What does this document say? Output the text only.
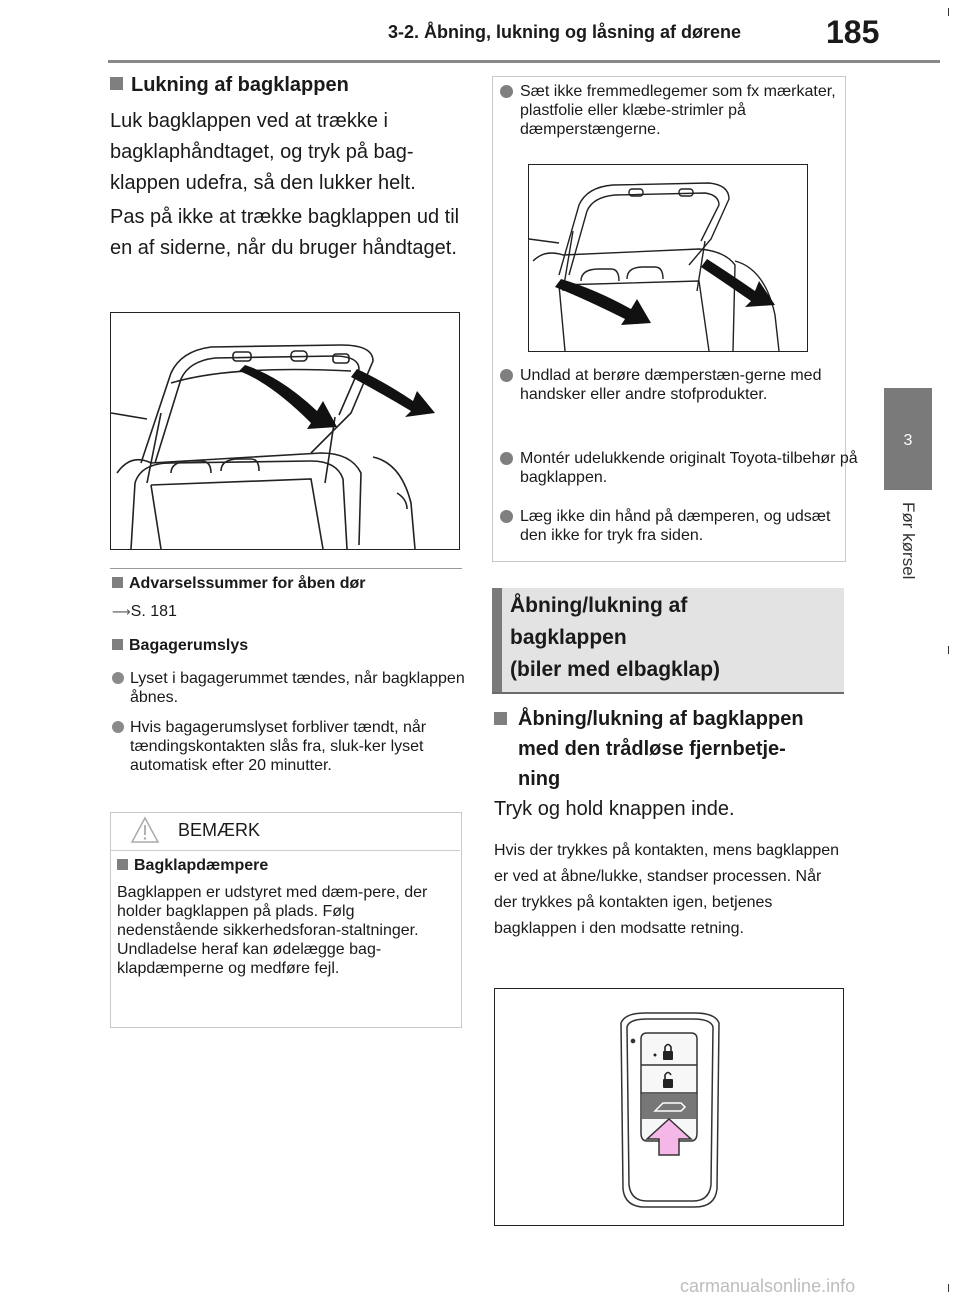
3-2. Åbning, lukning og låsning af dørene	185
3
Før kørsel
Lukning af bagklappen
Luk bagklappen ved at trække i bagklaphåndtaget, og tryk på bag-klappen udefra, så den lukker helt.
Pas på ikke at trække bagklappen ud til en af siderne, når du bruger håndtaget.
Advarselssummer for åben dør
⟶S. 181
Bagagerumslys
Lyset i bagagerummet tændes, når bagklappen åbnes.
Hvis bagagerumslyset forbliver tændt, når tændingskontakten slås fra, sluk-ker lyset automatisk efter 20 minutter.
BEMÆRK
Bagklapdæmpere
Bagklappen er udstyret med dæm-pere, der holder bagklappen på plads. Følg nedenstående sikkerhedsforan-staltninger. Undladelse heraf kan ødelægge bag-klapdæmperne og medføre fejl.
Sæt ikke fremmedlegemer som fx mærkater, plastfolie eller klæbe-strimler på dæmperstængerne.
Undlad at berøre dæmperstæn-gerne med handsker eller andre stofprodukter.
Montér udelukkende originalt Toyota-tilbehør på bagklappen.
Læg ikke din hånd på dæmperen, og udsæt den ikke for tryk fra siden.
Åbning/lukning af
bagklappen
(biler med elbagklap)
Åbning/lukning af bagklappen
med den trådløse fjernbetje-
ning
Tryk og hold knappen inde.
Hvis der trykkes på kontakten, mens bagklappen er ved at åbne/lukke, standser processen. Når der trykkes på kontakten igen, betjenes bagklappen i den modsatte retning.
carmanualsonline.info
